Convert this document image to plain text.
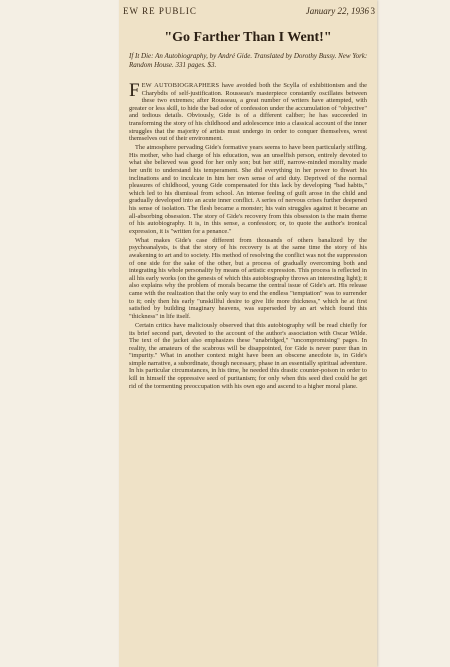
EW RE PUBLIC	January 22, 1936 3
"Go Farther Than I Went!"
If It Die: An Autobiography, by André Gide. Translated by Dorothy Bussy. New York: Random House. 331 pages. $3.

FEW AUTOBIOGRAPHERS have avoided both the Scylla of exhibitionism and the Charybdis of self-justification. Rousseau's masterpiece constantly oscillates between these two extremes; after Rousseau, a great number of writers have attempted, with greater or less skill, to hide the bad odor of confession under the accumulation of "objective" and tedious details. Obviously, Gide is of a different caliber; he has succeeded in transforming the story of his childhood and adolescence into a classical account of the inner struggles that the majority of artists must undergo in order to conquer themselves, wrest themselves out of their environment.

The atmosphere pervading Gide's formative years seems to have been particularly stifling. His mother, who had charge of his education, was an unselfish person, entirely devoted to what she believed was good for her only son; but her stiff, narrow-minded morality made her unfit to understand his temperament. She did everything in her power to thwart his inclinations and to inculcate in him her own sense of arid duty. Deprived of the normal pleasures of childhood, young Gide compensated for this lack by developing "bad habits," which led to his dismissal from school. An intense feeling of guilt arose in the child and gradually developed into an acute inner conflict. A series of nervous crises further deepened his sense of isolation. The flesh became a monster; his vain struggles against it became an all-absorbing obsession. The story of Gide's recovery from this obsession is the main theme of his autobiography. It is, in this sense, a confession; or, to quote the author's ironical expression, it is "written for a penance."

What makes Gide's case different from thousands of others banalized by the psychoanalysts, is that the story of his recovery is at the same time the story of his awakening to art and to society. His method of resolving the conflict was not the suppression of one side for the sake of the other, but a process of gradually overcoming both and integrating his whole personality by means of artistic expression. This process is reflected in all his early works (on the genesis of which this autobiography throws an interesting light); it also explains why the problem of morals became the central issue of Gide's art. His release came with the realization that the only way to end the endless "temptation" was to surrender to it; only then his early "unskillful desire to give life more thickness," which he at first satisfied by building imaginary heavens, was superseded by an art which found this "thickness" in life itself.

Certain critics have maliciously observed that this autobiography will be read chiefly for its brief second part, devoted to the account of the author's association with Oscar Wilde. The text of the jacket also emphasizes these "unabridged," "uncompromising" pages. In reality, the amateurs of the scabrous will be disappointed, for Gide is never purer than in "impurity." What in another context might have been an obscene anecdote is, in Gide's simple narrative, a subordinate, though necessary, phase in an essentially spiritual adventure. In his particular circumstances, in his time, he needed this drastic counter-poison in order to kill in himself the oppressive seed of puritanism; for only when this seed died could he get rid of the tormenting preoccupation with his own ego and ascend to a higher moral plane.
